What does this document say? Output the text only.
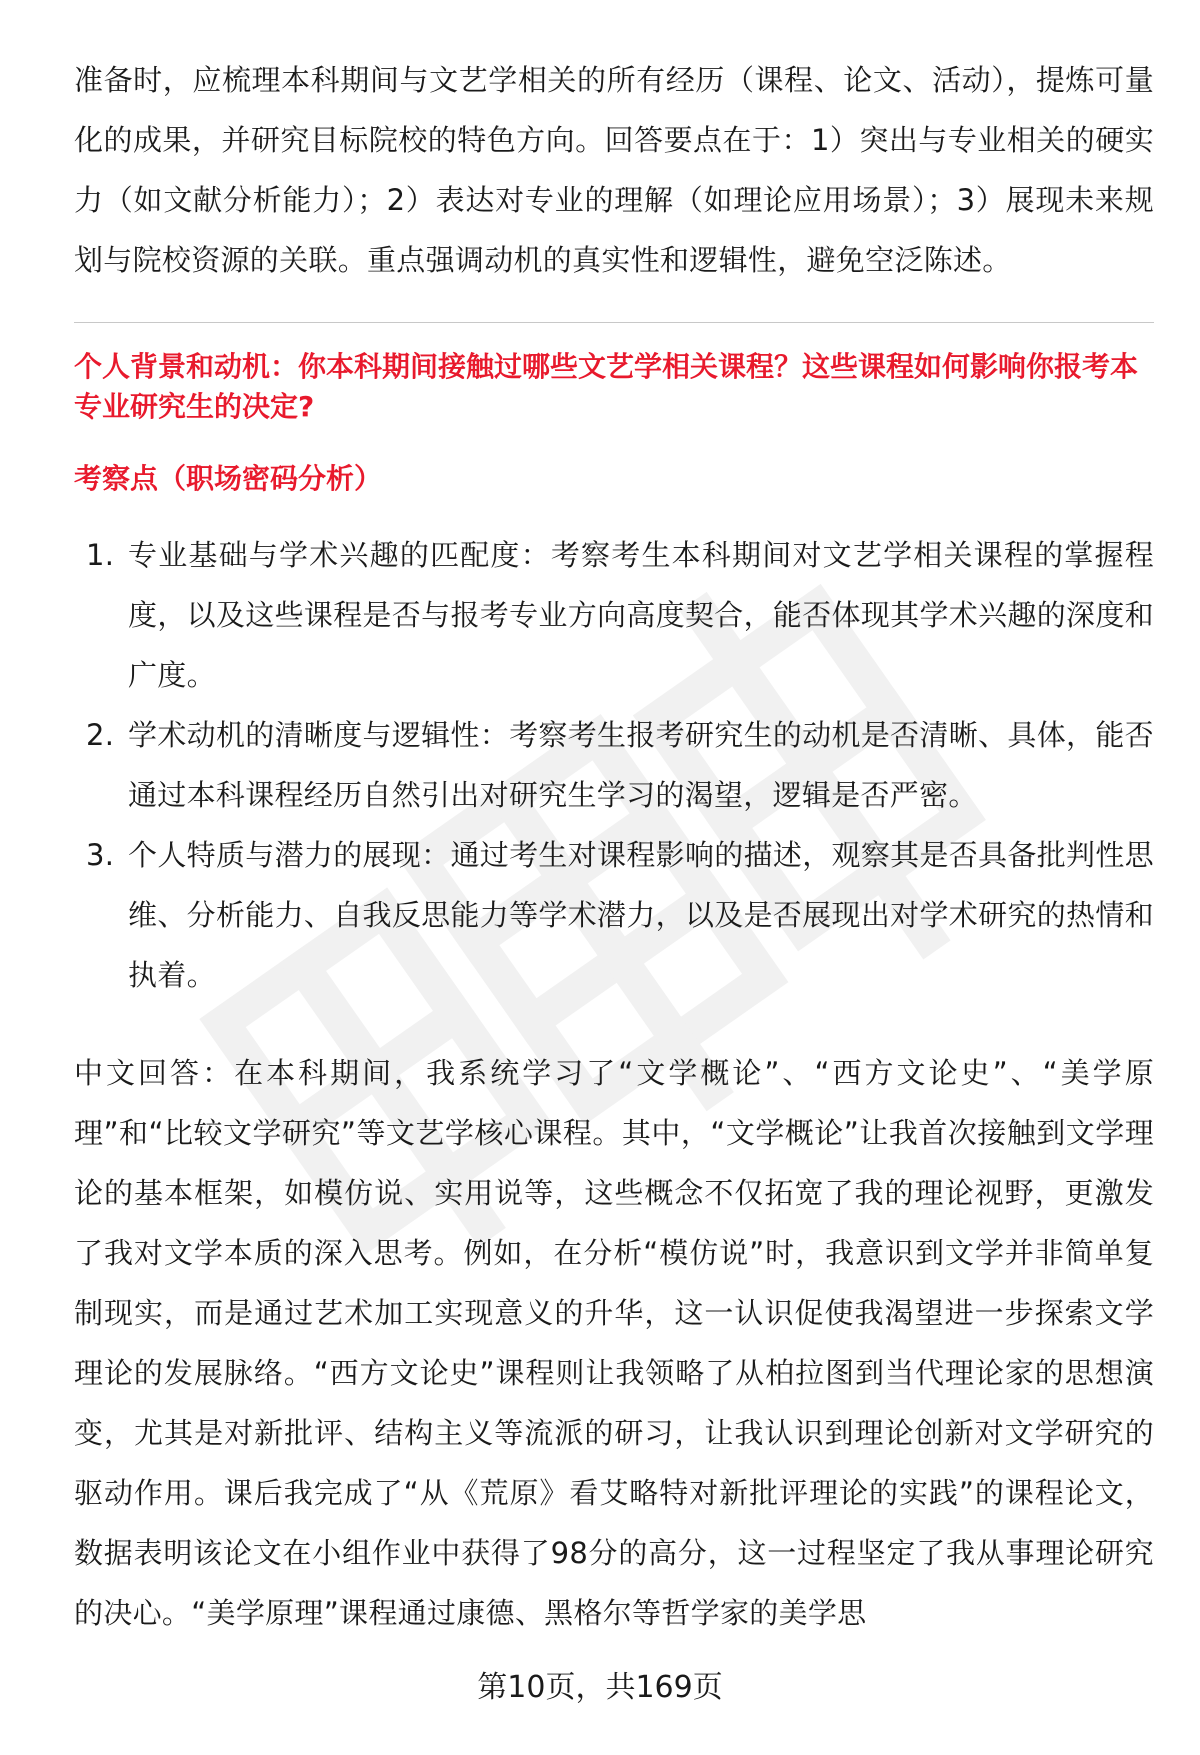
准备时，应梳理本科期间与文艺学相关的所有经历（课程、论文、活动），提炼可量化的成果，并研究目标院校的特色方向。回答要点在于：1）突出与专业相关的硬实力（如文献分析能力）；2）表达对专业的理解（如理论应用场景）；3）展现未来规划与院校资源的关联。重点强调动机的真实性和逻辑性，避免空泛陈述。

个人背景和动机：你本科期间接触过哪些文艺学相关课程？这些课程如何影响你报考本专业研究生的决定?

考察点（职场密码分析）

1. 专业基础与学术兴趣的匹配度：考察考生本科期间对文艺学相关课程的掌握程度，以及这些课程是否与报考专业方向高度契合，能否体现其学术兴趣的深度和广度。
2. 学术动机的清晰度与逻辑性：考察考生报考研究生的动机是否清晰、具体，能否通过本科课程经历自然引出对研究生学习的渴望，逻辑是否严密。
3. 个人特质与潜力的展现：通过考生对课程影响的描述，观察其是否具备批判性思维、分析能力、自我反思能力等学术潜力，以及是否展现出对学术研究的热情和执着。

中文回答：在本科期间，我系统学习了“文学概论”、“西方文论史”、“美学原理”和“比较文学研究”等文艺学核心课程。其中，“文学概论”让我首次接触到文学理论的基本框架，如模仿说、实用说等，这些概念不仅拓宽了我的理论视野，更激发了我对文学本质的深入思考。例如，在分析“模仿说”时，我意识到文学并非简单复制现实，而是通过艺术加工实现意义的升华，这一认识促使我渴望进一步探索文学理论的发展脉络。“西方文论史”课程则让我领略了从柏拉图到当代理论家的思想演变，尤其是对新批评、结构主义等流派的研习，让我认识到理论创新对文学研究的驱动作用。课后我完成了“从《荒原》看艾略特对新批评理论的实践”的课程论文，数据表明该论文在小组作业中获得了98分的高分，这一过程坚定了我从事理论研究的决心。“美学原理”课程通过康德、黑格尔等哲学家的美学思

第10页，共169页
